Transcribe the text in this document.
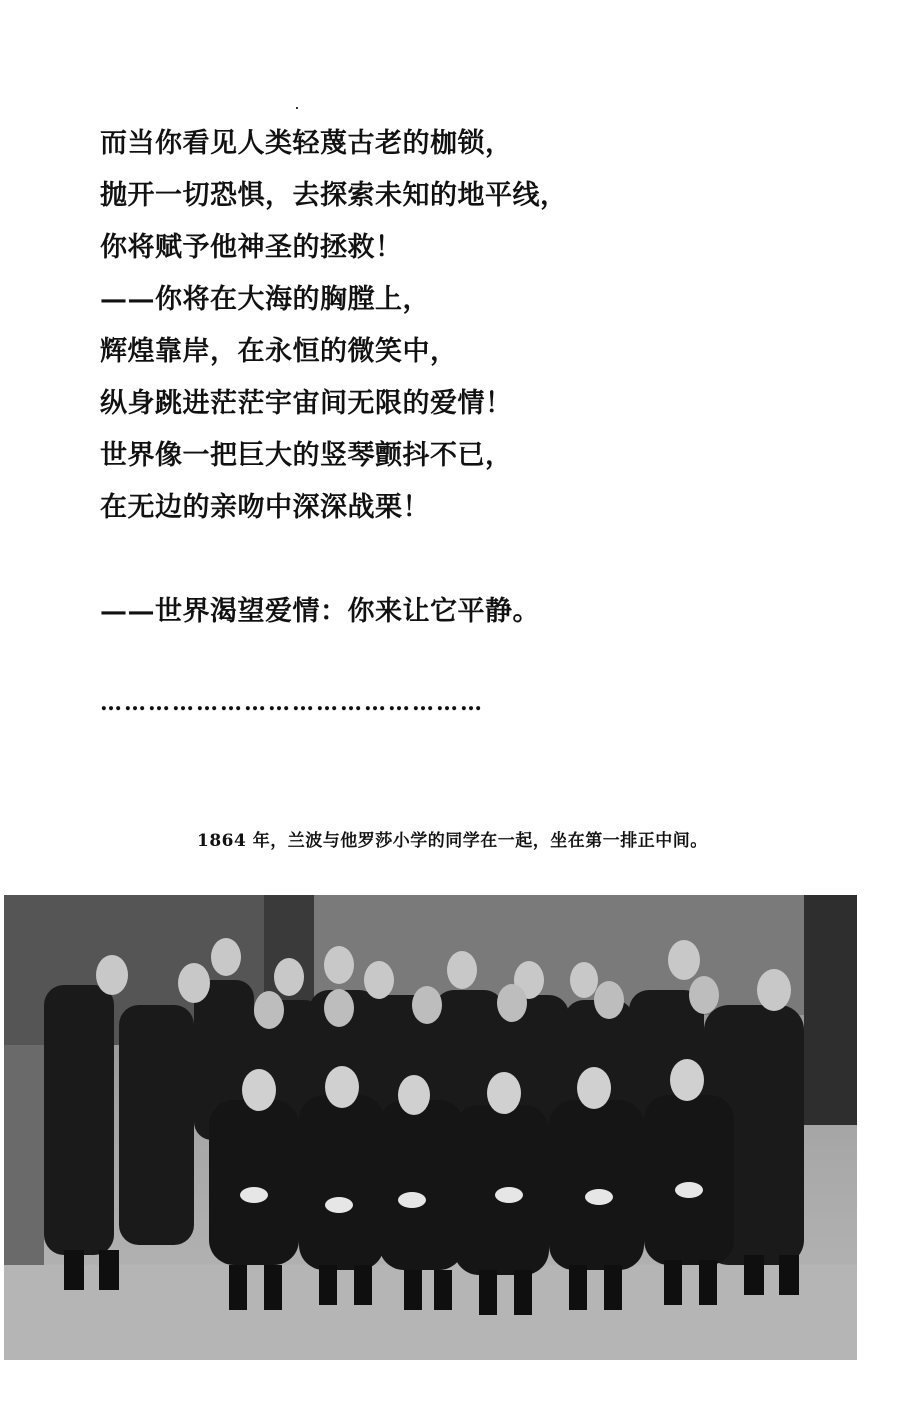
而当你看见人类轻蔑古老的枷锁，
抛开一切恐惧，去探索未知的地平线，
你将赋予他神圣的拯救！
——你将在大海的胸膛上，
辉煌靠岸，在永恒的微笑中，
纵身跳进茫茫宇宙间无限的爱情！
世界像一把巨大的竖琴颤抖不已，
在无边的亲吻中深深战栗！
——世界渴望爱情：你来让它平静。
…………………………………………
1864 年，兰波与他罗莎小学的同学在一起，坐在第一排正中间。
